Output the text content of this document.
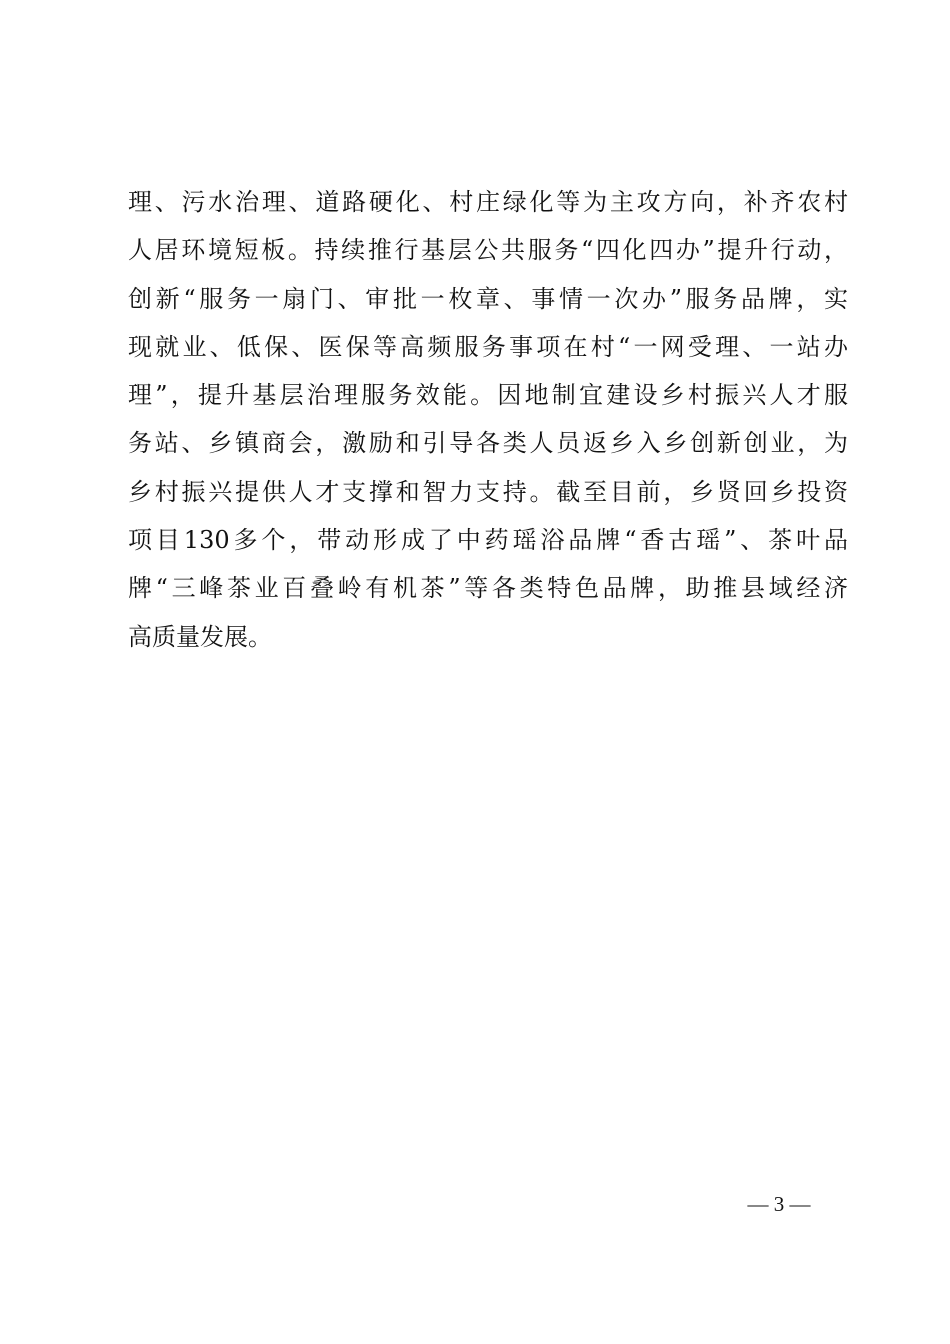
理、污水治理、道路硬化、村庄绿化等为主攻方向，补齐农村
人居环境短板。持续推行基层公共服务“四化四办”提升行动，
创新“服务一扇门、审批一枚章、事情一次办”服务品牌，实
现就业、低保、医保等高频服务事项在村“一网受理、一站办
理”，提升基层治理服务效能。因地制宜建设乡村振兴人才服
务站、乡镇商会，激励和引导各类人员返乡入乡创新创业，为
乡村振兴提供人才支撑和智力支持。截至目前，乡贤回乡投资
项目130多个，带动形成了中药瑶浴品牌“香古瑶”、茶叶品
牌“三峰茶业百叠岭有机茶”等各类特色品牌，助推县域经济
高质量发展。
— 3 —
